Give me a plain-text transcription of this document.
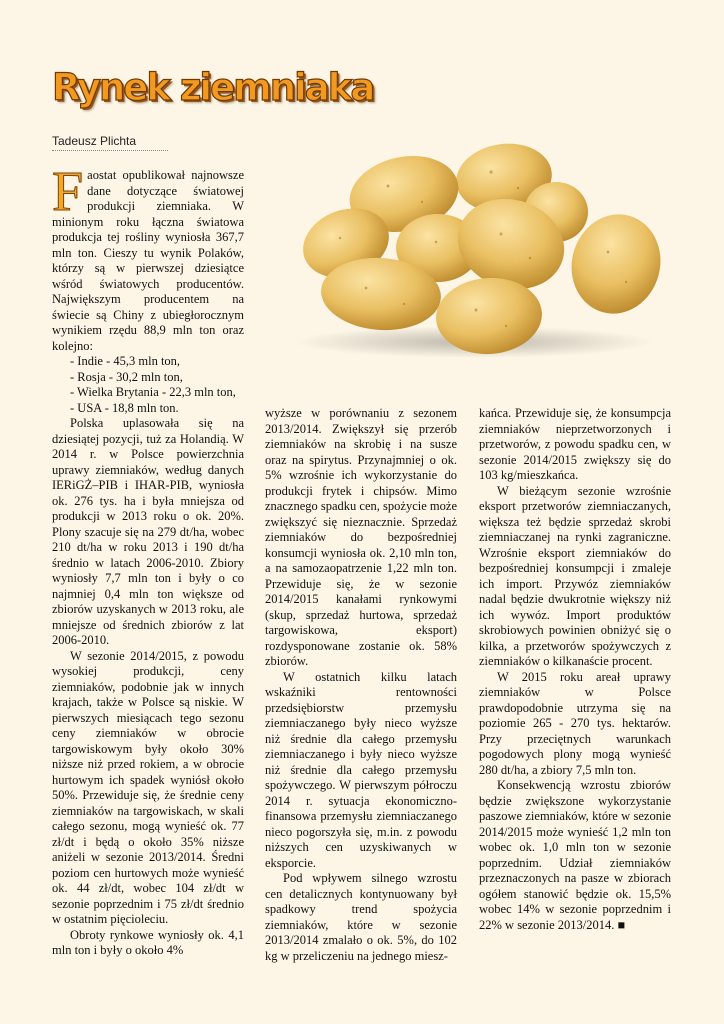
Rynek ziemniaka
Tadeusz Plichta

Faostat opublikował najnowsze dane dotyczące światowej produkcji ziemniaka. W minionym roku łączna światowa produkcja tej rośliny wyniosła 367,7 mln ton. Cieszy tu wynik Polaków, którzy są w pierwszej dziesiątce wśród światowych producentów. Największym producentem na świecie są Chiny z ubiegłorocznym wynikiem rzędu 88,9 mln ton oraz kolejno:

- Indie - 45,3 mln ton,

- Rosja - 30,2 mln ton,

- Wielka Brytania - 22,3 mln ton,

- USA - 18,8 mln ton.

Polska uplasowała się na dziesiątej pozycji, tuż za Holandią. W 2014 r. w Polsce powierzchnia uprawy ziemniaków, według danych IERiGŻ–PIB i IHAR-PIB, wyniosła ok. 276 tys. ha i była mniejsza od produkcji w 2013 roku o ok. 20%. Plony szacuje się na 279 dt/ha, wobec 210 dt/ha w roku 2013 i 190 dt/ha średnio w latach 2006-2010. Zbiory wyniosły 7,7 mln ton i były o co najmniej 0,4 mln ton większe od zbiorów uzyskanych w 2013 roku, ale mniejsze od średnich zbiorów z lat 2006-2010.

W sezonie 2014/2015, z powodu wysokiej produkcji, ceny ziemniaków, podobnie jak w innych krajach, także w Polsce są niskie. W pierwszych miesiącach tego sezonu ceny ziemniaków w obrocie targowiskowym były około 30% niższe niż przed rokiem, a w obrocie hurtowym ich spadek wyniósł około 50%. Przewiduje się, że średnie ceny ziemniaków na targowiskach, w skali całego sezonu, mogą wynieść ok. 77 zł/dt i będą o około 35% niższe aniżeli w sezonie 2013/2014. Średni poziom cen hurtowych może wynieść ok. 44 zł/dt, wobec 104 zł/dt w sezonie poprzednim i 75 zł/dt średnio w ostatnim pięcioleciu.

Obroty rynkowe wyniosły ok. 4,1 mln ton i były o około 4%

wyższe w porównaniu z sezonem 2013/2014. Zwiększył się przerób ziemniaków na skrobię i na susze oraz na spirytus. Przynajmniej o ok. 5% wzrośnie ich wykorzystanie do produkcji frytek i chipsów. Mimo znacznego spadku cen, spożycie może zwiększyć się nieznacznie. Sprzedaż ziemniaków do bezpośredniej konsumcji wyniosła ok. 2,10 mln ton, a na samozaopatrzenie 1,22 mln ton. Przewiduje się, że w sezonie 2014/2015 kanałami rynkowymi (skup, sprzedaż hurtowa, sprzedaż targowiskowa, eksport) rozdysponowane zostanie ok. 58% zbiorów.

W ostatnich kilku latach wskaźniki rentowności przedsiębiorstw przemysłu ziemniaczanego były nieco wyższe niż średnie dla całego przemysłu ziemniaczanego i były nieco wyższe niż średnie dla całego przemysłu spożywczego. W pierwszym półroczu 2014 r. sytuacja ekonomiczno-finansowa przemysłu ziemniaczanego nieco pogorszyła się, m.in. z powodu niższych cen uzyskiwanych w eksporcie.

Pod wpływem silnego wzrostu cen detalicznych kontynuowany był spadkowy trend spożycia ziemniaków, które w sezonie 2013/2014 zmalało o ok. 5%, do 102 kg w przeliczeniu na jednego miesz-

kańca. Przewiduje się, że konsumpcja ziemniaków nieprzetworzonych i przetworów, z powodu spadku cen, w sezonie 2014/2015 zwiększy się do 103 kg/mieszkańca.

W bieżącym sezonie wzrośnie eksport przetworów ziemniaczanych, większa też będzie sprzedaż skrobi ziemniaczanej na rynki zagraniczne. Wzrośnie eksport ziemniaków do bezpośredniej konsumpcji i zmaleje ich import. Przywóz ziemniaków nadal będzie dwukrotnie większy niż ich wywóz. Import produktów skrobiowych powinien obniżyć się o kilka, a przetworów spożywczych z ziemniaków o kilkanaście procent.

W 2015 roku areał uprawy ziemniaków w Polsce prawdopodobnie utrzyma się na poziomie 265 - 270 tys. hektarów. Przy przeciętnych warunkach pogodowych plony mogą wynieść 280 dt/ha, a zbiory 7,5 mln ton.

Konsekwencją wzrostu zbiorów będzie zwiększone wykorzystanie paszowe ziemniaków, które w sezonie 2014/2015 może wynieść 1,2 mln ton wobec ok. 1,0 mln ton w sezonie poprzednim. Udział ziemniaków przeznaczonych na pasze w zbiorach ogółem stanowić będzie ok. 15,5% wobec 14% w sezonie poprzednim i 22% w sezonie 2013/2014. ■
